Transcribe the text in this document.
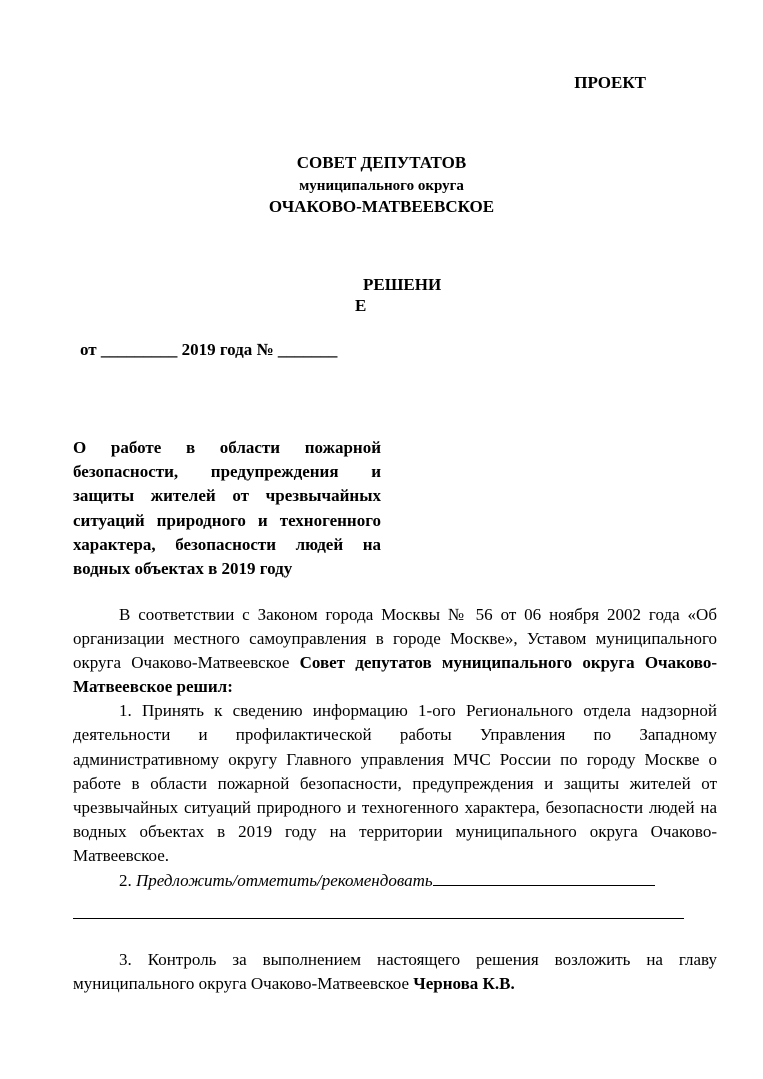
ПРОЕКТ
СОВЕТ ДЕПУТАТОВ
муниципального округа
ОЧАКОВО-МАТВЕЕВСКОЕ
РЕШЕНИ
Е
от _________ 2019 года № _______
О работе в области пожарной безопасности, предупреждения и защиты жителей от чрезвычайных ситуаций природного и техногенного характера, безопасности людей на водных объектах в 2019 году

В соответствии с Законом города Москвы № 56 от 06 ноября 2002 года «Об организации местного самоуправления в городе Москве», Уставом муниципального округа Очаково-Матвеевское Совет депутатов муниципального округа Очаково-Матвеевское решил:

1. Принять к сведению информацию 1-ого Регионального отдела надзорной деятельности и профилактической работы Управления по Западному административному округу Главного управления МЧС России по городу Москве о работе в области пожарной безопасности, предупреждения и защиты жителей от чрезвычайных ситуаций природного и техногенного характера, безопасности людей на водных объектах в 2019 году на территории муниципального округа Очаково-Матвеевское.

2. Предложить/отметить/рекомендовать

3. Контроль за выполнением настоящего решения возложить на главу муниципального округа Очаково-Матвеевское Чернова К.В.
